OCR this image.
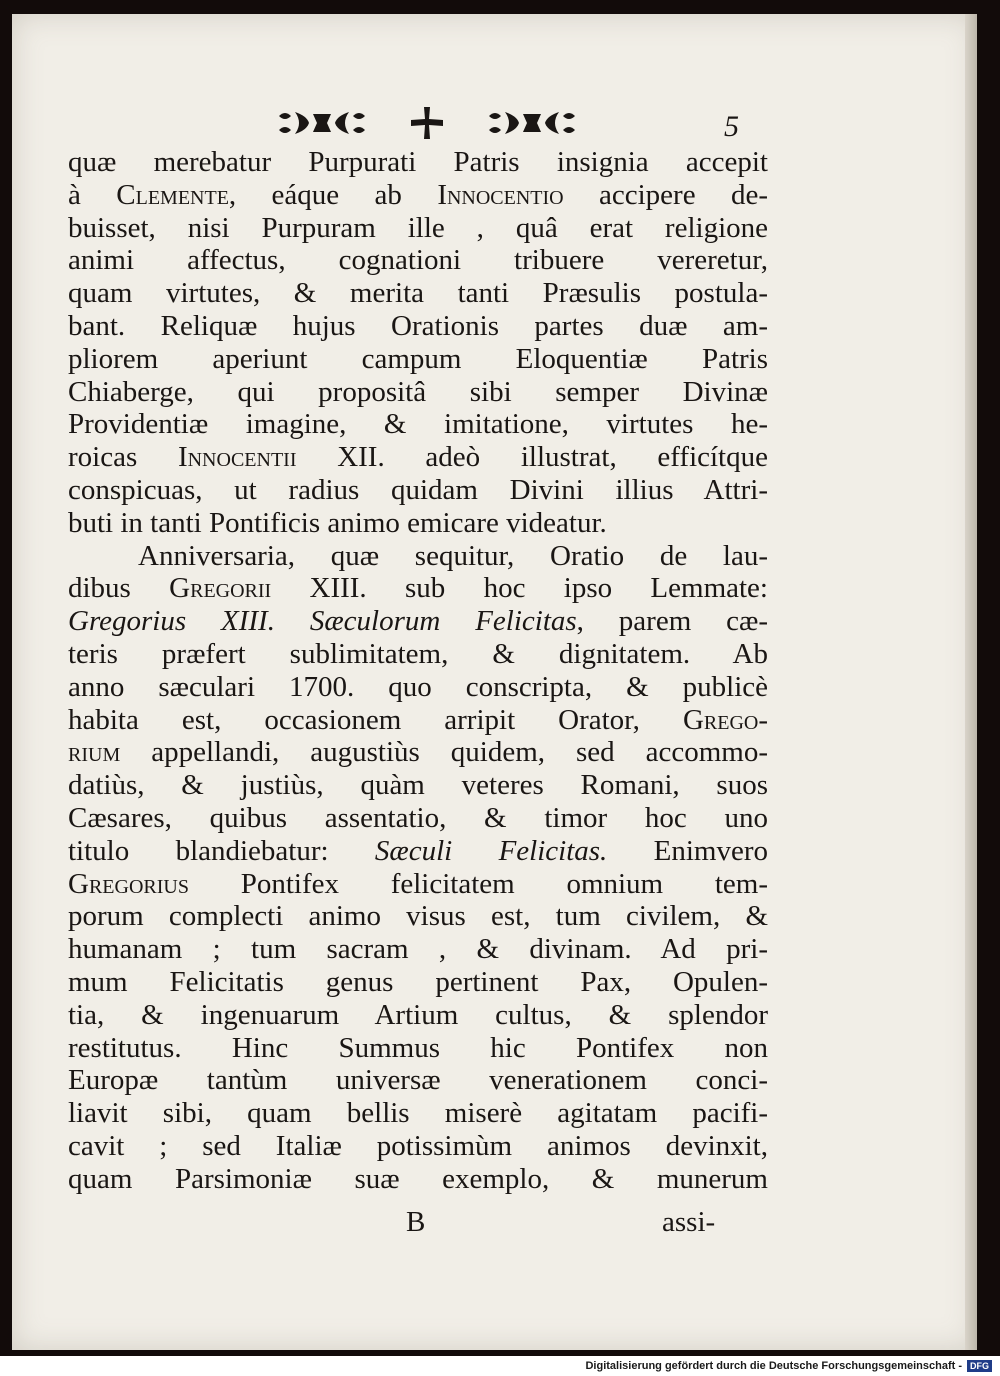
5
quæ merebatur Purpurati Patris insignia accepit
à Clemente, eáque ab Innocentio accipere de-
buisset, nisi Purpuram ille , quâ erat religione
animi affectus, cognationi tribuere vereretur,
quam virtutes, & merita tanti Præsulis postula-
bant. Reliquæ hujus Orationis partes duæ am-
pliorem aperiunt campum Eloquentiæ Patris
Chiaberge, qui propositâ sibi semper Divinæ
Providentiæ imagine, & imitatione, virtutes he-
roicas Innocentii XII. adeò illustrat, efficítque
conspicuas, ut radius quidam Divini illius Attri-
buti in tanti Pontificis animo emicare videatur.
Anniversaria, quæ sequitur, Oratio de lau-
dibus Gregorii XIII. sub hoc ipso Lemmate:
Gregorius XIII. Sæculorum Felicitas, parem cæ-
teris præfert sublimitatem, & dignitatem. Ab
anno sæculari 1700. quo conscripta, & publicè
habita est, occasionem arripit Orator, Grego-
rium appellandi, augustiùs quidem, sed accommo-
datiùs, & justiùs, quàm veteres Romani, suos
Cæsares, quibus assentatio, & timor hoc uno
titulo blandiebatur: Sæculi Felicitas. Enimvero
Gregorius Pontifex felicitatem omnium tem-
porum complecti animo visus est, tum civilem, &
humanam ; tum sacram , & divinam. Ad pri-
mum Felicitatis genus pertinent Pax, Opulen-
tia, & ingenuarum Artium cultus, & splendor
restitutus. Hinc Summus hic Pontifex non
Europæ tantùm universæ venerationem conci-
liavit sibi, quam bellis miserè agitatam pacifi-
cavit ; sed Italiæ potissimùm animos devinxit,
quam Parsimoniæ suæ exemplo, & munerum
B	assi-
Digitalisierung gefördert durch die Deutsche Forschungsgemeinschaft - DFG
